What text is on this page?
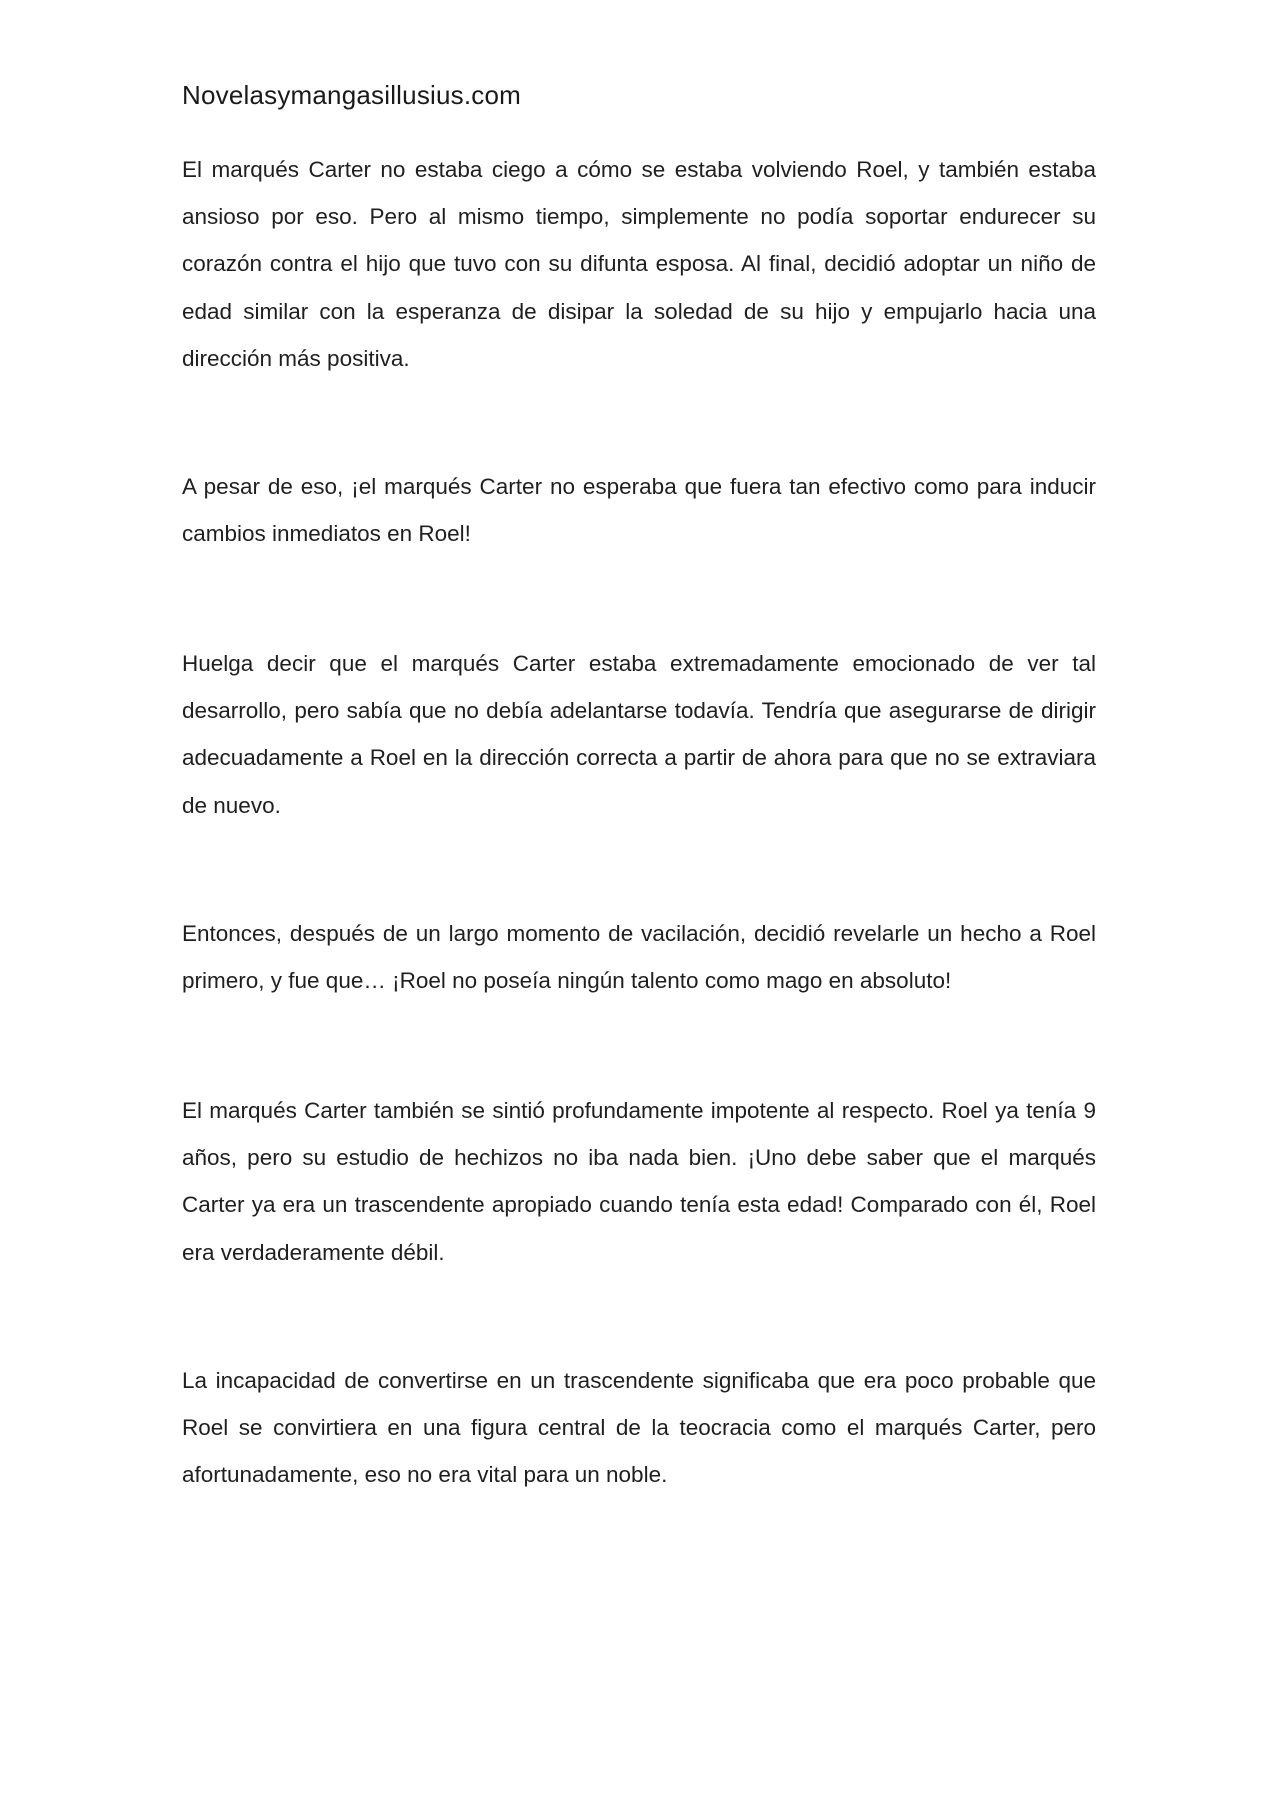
Novelasymangasillusius.com

El marqués Carter no estaba ciego a cómo se estaba volviendo Roel, y también estaba ansioso por eso. Pero al mismo tiempo, simplemente no podía soportar endurecer su corazón contra el hijo que tuvo con su difunta esposa. Al final, decidió adoptar un niño de edad similar con la esperanza de disipar la soledad de su hijo y empujarlo hacia una dirección más positiva.

A pesar de eso, ¡el marqués Carter no esperaba que fuera tan efectivo como para inducir cambios inmediatos en Roel!

Huelga decir que el marqués Carter estaba extremadamente emocionado de ver tal desarrollo, pero sabía que no debía adelantarse todavía. Tendría que asegurarse de dirigir adecuadamente a Roel en la dirección correcta a partir de ahora para que no se extraviara de nuevo.

Entonces, después de un largo momento de vacilación, decidió revelarle un hecho a Roel primero, y fue que… ¡Roel no poseía ningún talento como mago en absoluto!

El marqués Carter también se sintió profundamente impotente al respecto. Roel ya tenía 9 años, pero su estudio de hechizos no iba nada bien. ¡Uno debe saber que el marqués Carter ya era un trascendente apropiado cuando tenía esta edad! Comparado con él, Roel era verdaderamente débil.

La incapacidad de convertirse en un trascendente significaba que era poco probable que Roel se convirtiera en una figura central de la teocracia como el marqués Carter, pero afortunadamente, eso no era vital para un noble.
